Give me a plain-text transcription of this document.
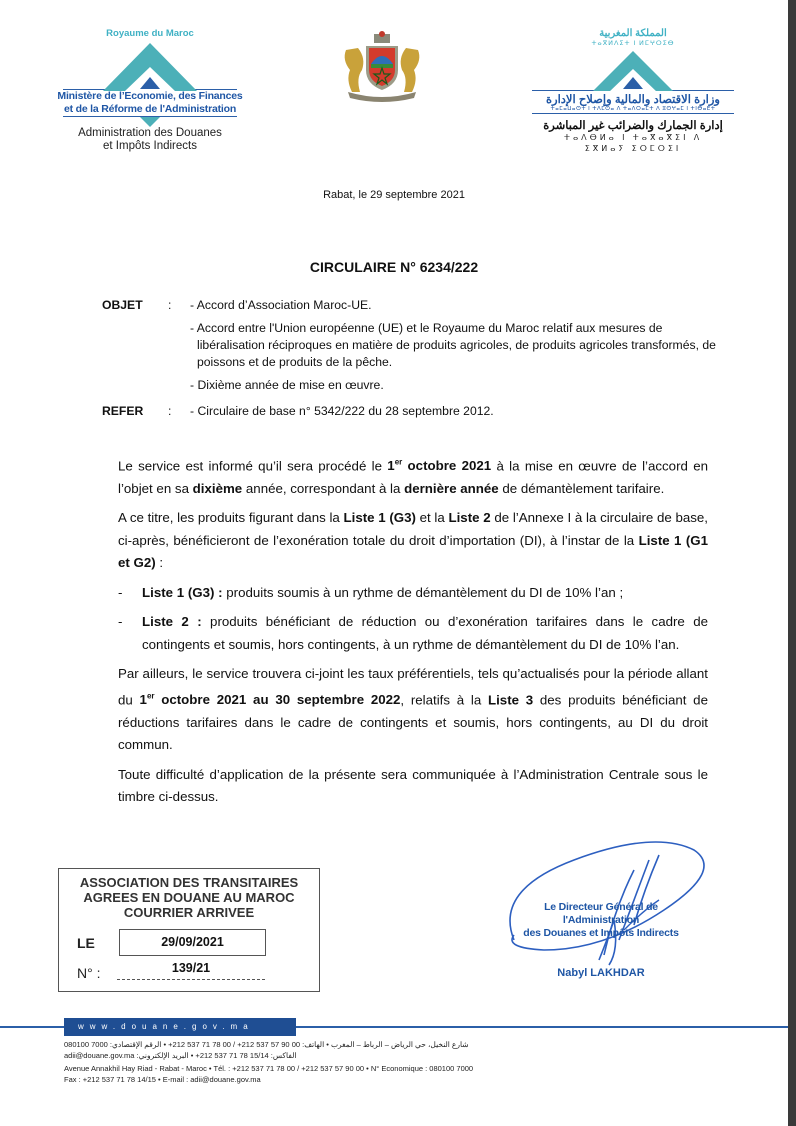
Royaume du Maroc
Ministère de l’Economie, des Finances
et de la Réforme de l'Administration
Administration des Douanes
et Impôts Indirects
المملكة المغربية
ⵜⴰⴳⵍⴷⵉⵜ ⵏ ⵍⵎⵖⵔⵉⴱ
وزارة الاقتصاد والمالية وإصلاح الإدارة
ⵜⴰⵎⴰⵡⴰⵙⵜ ⵏ ⵜⴷⵎⵙⴰ ⴷ ⵜⴰⴷⵔⴰⵎⵜ ⴷ ⵓⵙⵖⴰⵎ ⵏ ⵜⵏⴱⴰⴹⵜ
إدارة الجمارك والضرائب غير المباشرة
ⵜⴰⴷⴱⵍⴰ ⵏ ⵜⴰⴳⴰⴳⵉⵏ ⴷ
ⵉⴳⵍⴰⵢ ⵉⵔⵎⵔⵉⵏ
Rabat, le 29 septembre 2021
CIRCULAIRE N° 6234/222
OBJET : - Accord d’Association Maroc-UE.
- Accord entre l'Union européenne (UE) et le Royaume du Maroc relatif aux mesures de libéralisation réciproques en matière de produits agricoles, de produits agricoles transformés, de poissons et de produits de la pêche.
- Dixième année de mise en œuvre.
REFER : - Circulaire de base n° 5342/222 du 28 septembre 2012.

Le service est informé qu’il sera procédé le 1er octobre 2021 à la mise en œuvre de l’accord en l’objet en sa dixième année, correspondant à la dernière année de démantèlement tarifaire.

A ce titre, les produits figurant dans la Liste 1 (G3) et la Liste 2 de l’Annexe I à la circulaire de base, ci-après, bénéficieront de l’exonération totale du droit d’importation (DI), à l’instar de la Liste 1 (G1 et G2) :

- Liste 1 (G3) : produits soumis à un rythme de démantèlement du DI de 10% l’an ;
- Liste 2 : produits bénéficiant de réduction ou d’exonération tarifaires dans le cadre de contingents et soumis, hors contingents, à un rythme de démantèlement du DI de 10% l’an.

Par ailleurs, le service trouvera ci-joint les taux préférentiels, tels qu’actualisés pour la période allant du 1er octobre 2021 au 30 septembre 2022, relatifs à la Liste 3 des produits bénéficiant de réductions tarifaires dans le cadre de contingents et soumis, hors contingents, au DI du droit commun.

Toute difficulté d’application de la présente sera communiquée à l’Administration Centrale sous le timbre ci-dessus.

ASSOCIATION DES TRANSITAIRES
AGREES EN DOUANE AU MAROC
COURRIER ARRIVEE
LE	29/09/2021
N° :	139/21
Le Directeur Général de l'Administration
des Douanes et Impôts Indirects
Nabyl LAKHDAR
www.douane.gov.ma
شارع النخيل، حي الرياض – الرباط – المغرب • الهاتف: 00 90 57 537 212+ / 00 78 71 537 212+ • الرقم الإقتصادي: 7000 080100
الفاكس: 15/14 78 71 537 212+ • البريد الإلكتروني: adii@douane.gov.ma
Avenue Annakhil Hay Riad - Rabat - Maroc • Tél. : +212 537 71 78 00 / +212 537 57 90 00 • N° Economique : 080100 7000
Fax : +212 537 71 78 14/15 • E-mail : adii@douane.gov.ma
